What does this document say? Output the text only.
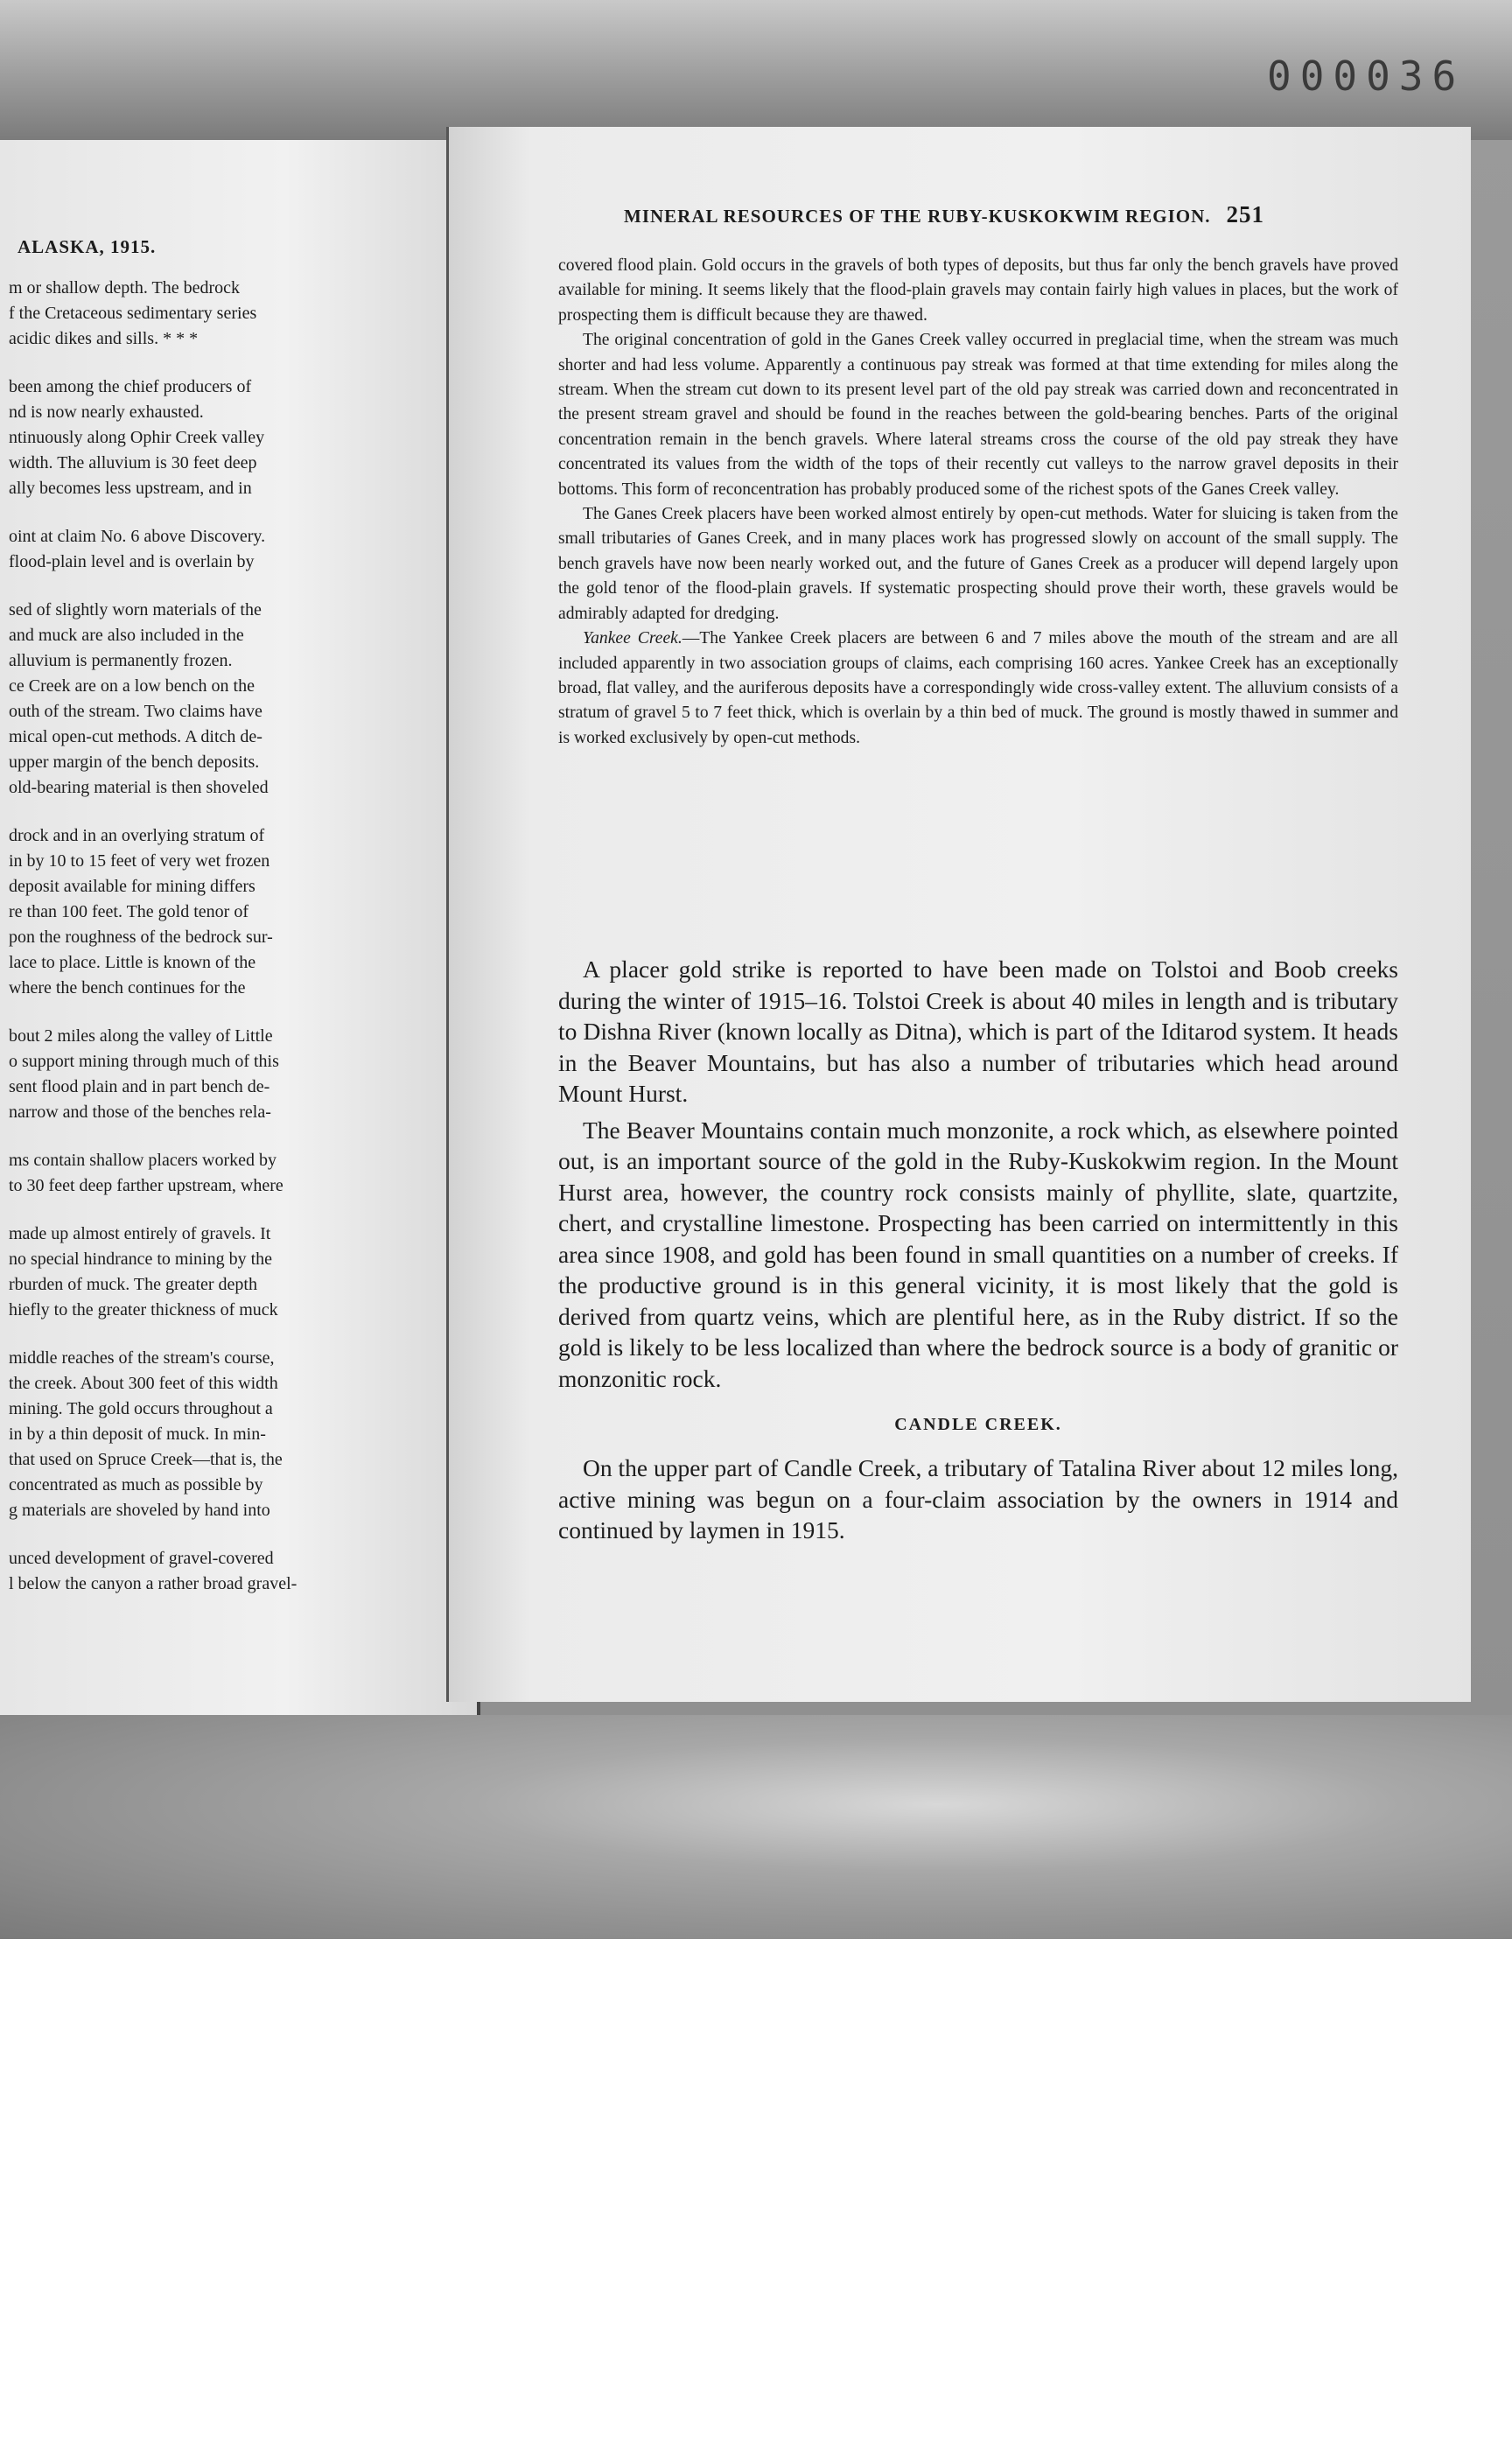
000036
ALASKA, 1915.
m or shallow depth. The bedrock
f the Cretaceous sedimentary series
acidic dikes and sills. * * *
been among the chief producers of
nd is now nearly exhausted.
ntinuously along Ophir Creek valley
width. The alluvium is 30 feet deep
ally becomes less upstream, and in
oint at claim No. 6 above Discovery.
flood-plain level and is overlain by
sed of slightly worn materials of the
and muck are also included in the
alluvium is permanently frozen.
ce Creek are on a low bench on the
outh of the stream. Two claims have
mical open-cut methods. A ditch de-
upper margin of the bench deposits.
old-bearing material is then shoveled
drock and in an overlying stratum of
in by 10 to 15 feet of very wet frozen
deposit available for mining differs
re than 100 feet. The gold tenor of
pon the roughness of the bedrock sur-
lace to place. Little is known of the
where the bench continues for the
bout 2 miles along the valley of Little
o support mining through much of this
sent flood plain and in part bench de-
narrow and those of the benches rela-
ms contain shallow placers worked by
to 30 feet deep farther upstream, where
made up almost entirely of gravels. It
no special hindrance to mining by the
rburden of muck. The greater depth
hiefly to the greater thickness of muck
middle reaches of the stream's course,
the creek. About 300 feet of this width
mining. The gold occurs throughout a
in by a thin deposit of muck. In min-
that used on Spruce Creek—that is, the
concentrated as much as possible by
g materials are shoveled by hand into
unced development of gravel-covered
l below the canyon a rather broad gravel-
MINERAL RESOURCES OF THE RUBY-KUSKOKWIM REGION. 251

covered flood plain. Gold occurs in the gravels of both types of deposits, but thus far only the bench gravels have proved available for mining. It seems likely that the flood-plain gravels may contain fairly high values in places, but the work of prospecting them is difficult because they are thawed.

The original concentration of gold in the Ganes Creek valley occurred in preglacial time, when the stream was much shorter and had less volume. Apparently a continuous pay streak was formed at that time extending for miles along the stream. When the stream cut down to its present level part of the old pay streak was carried down and reconcentrated in the present stream gravel and should be found in the reaches between the gold-bearing benches. Parts of the original concentration remain in the bench gravels. Where lateral streams cross the course of the old pay streak they have concentrated its values from the width of the tops of their recently cut valleys to the narrow gravel deposits in their bottoms. This form of reconcentration has probably produced some of the richest spots of the Ganes Creek valley.

The Ganes Creek placers have been worked almost entirely by open-cut methods. Water for sluicing is taken from the small tributaries of Ganes Creek, and in many places work has progressed slowly on account of the small supply. The bench gravels have now been nearly worked out, and the future of Ganes Creek as a producer will depend largely upon the gold tenor of the flood-plain gravels. If systematic prospecting should prove their worth, these gravels would be admirably adapted for dredging.

Yankee Creek.—The Yankee Creek placers are between 6 and 7 miles above the mouth of the stream and are all included apparently in two association groups of claims, each comprising 160 acres. Yankee Creek has an exceptionally broad, flat valley, and the auriferous deposits have a correspondingly wide cross-valley extent. The alluvium consists of a stratum of gravel 5 to 7 feet thick, which is overlain by a thin bed of muck. The ground is mostly thawed in summer and is worked exclusively by open-cut methods.

A placer gold strike is reported to have been made on Tolstoi and Boob creeks during the winter of 1915–16. Tolstoi Creek is about 40 miles in length and is tributary to Dishna River (known locally as Ditna), which is part of the Iditarod system. It heads in the Beaver Mountains, but has also a number of tributaries which head around Mount Hurst.

The Beaver Mountains contain much monzonite, a rock which, as elsewhere pointed out, is an important source of the gold in the Ruby-Kuskokwim region. In the Mount Hurst area, however, the country rock consists mainly of phyllite, slate, quartzite, chert, and crystalline limestone. Prospecting has been carried on intermittently in this area since 1908, and gold has been found in small quantities on a number of creeks. If the productive ground is in this general vicinity, it is most likely that the gold is derived from quartz veins, which are plentiful here, as in the Ruby district. If so the gold is likely to be less localized than where the bedrock source is a body of granitic or monzonitic rock.

CANDLE CREEK.

On the upper part of Candle Creek, a tributary of Tatalina River about 12 miles long, active mining was begun on a four-claim association by the owners in 1914 and continued by laymen in 1915.
